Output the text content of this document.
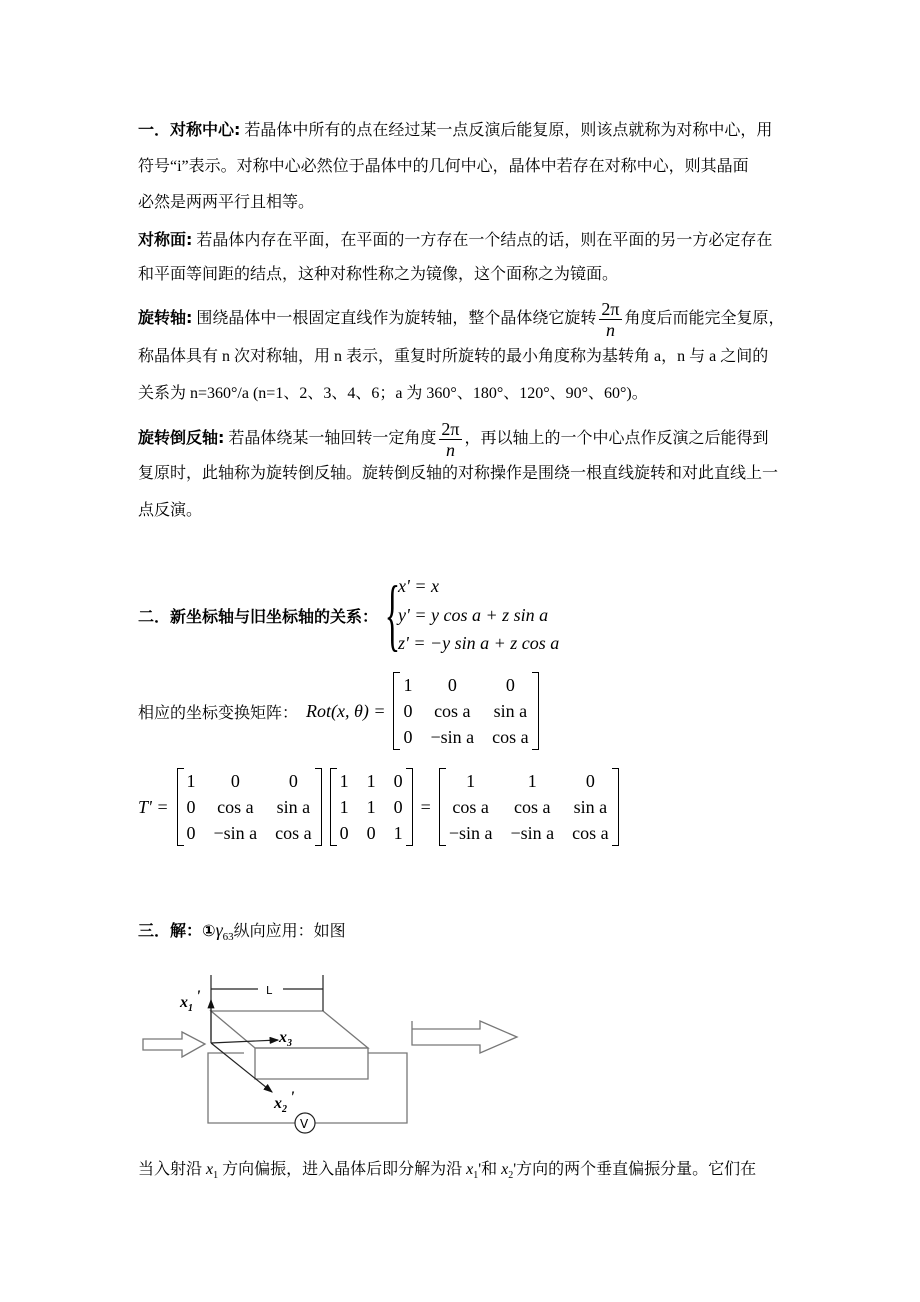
一．对称中心: 若晶体中所有的点在经过某一点反演后能复原，则该点就称为对称中心，用
符号“i”表示。对称中心必然位于晶体中的几何中心，晶体中若存在对称中心，则其晶面
必然是两两平行且相等。
对称面: 若晶体内存在平面，在平面的一方存在一个结点的话，则在平面的另一方必定存在
和平面等间距的结点，这种对称性称之为镜像，这个面称之为镜面。
旋转轴: 围绕晶体中一根固定直线作为旋转轴，整个晶体绕它旋转 $\frac{2\pi}{n}$ 角度后而能完全复原，
称晶体具有 n 次对称轴，用 n 表示，重复时所旋转的最小角度称为基转角 a，n 与 a 之间的
关系为 n=360°/a (n=1、2、3、4、6；a 为 360°、180°、120°、90°、60°)。
旋转倒反轴: 若晶体绕某一轴回转一定角度 $\frac{2\pi}{n}$ ，再以轴上的一个中心点作反演之后能得到
复原时，此轴称为旋转倒反轴。旋转倒反轴的对称操作是围绕一根直线旋转和对此直线上一
点反演。
二．新坐标轴与旧坐标轴的关系： {
x' = x
y' = y cos a + z sin a
z' = −y sin a + z cos a
相应的坐标变换矩阵： Rot(x, θ) =
1	0	0
0	cos a	sin a
0	−sin a	cos a
T' =
1	0	0
0	cos a	sin a
0	−sin a	cos a
1	1	0
1	1	0
0	0	1
=
1	1	0
cos a	cos a	sin a
−sin a	−sin a	cos a
三．解：$①\gamma_{63}$纵向应用：如图
L
V
$x_1'$
$x_3$
$x_2'$
当入射沿 $x_1$ 方向偏振，进入晶体后即分解为沿 $x_1'$和 $x_2'$方向的两个垂直偏振分量。它们在
